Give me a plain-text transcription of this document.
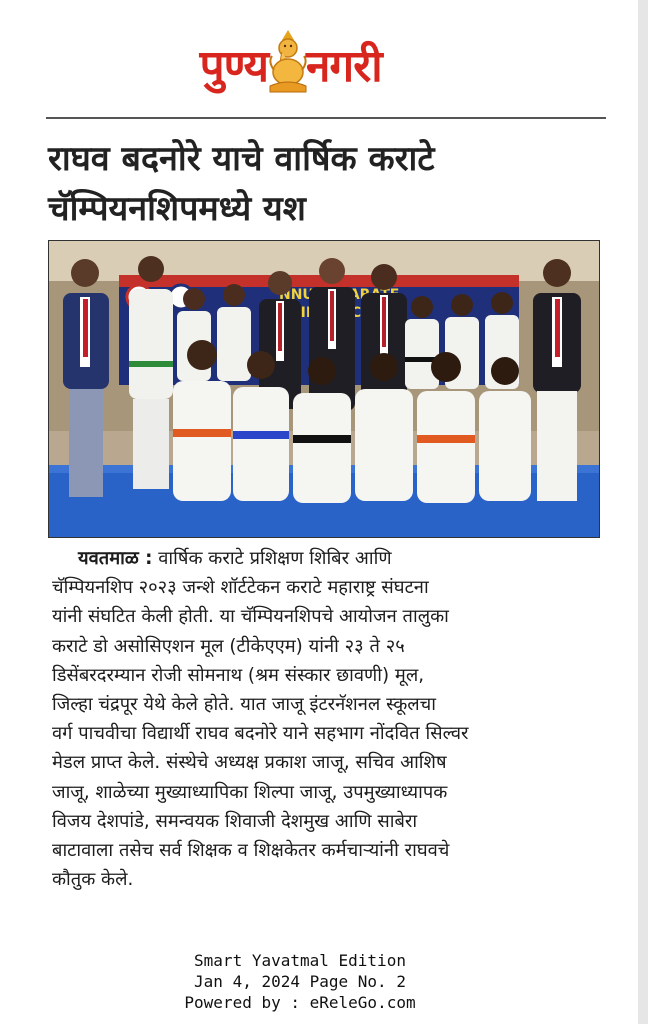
पुण्य नगरी
राघव बदनोरे याचे वार्षिक कराटे
चॅम्पियनशिपमध्ये यश
NNUAL
यवतमाळ : वार्षिक कराटे प्रशिक्षण शिबिर आणि
चॅम्पियनशिप २०२३ जन्शे शॉर्टटेकन कराटे महाराष्ट्र संघटना
यांनी संघटित केली होती. या चॅम्पियनशिपचे आयोजन तालुका
कराटे डो असोसिएशन मूल (टीकेएएम) यांनी २३ ते २५
डिसेंबरदरम्यान रोजी सोमनाथ (श्रम संस्कार छावणी) मूल,
जिल्हा चंद्रपूर येथे केले होते. यात जाजू इंटरनॅशनल स्कूलचा
वर्ग पाचवीचा विद्यार्थी राघव बदनोरे याने सहभाग नोंदवित सिल्वर
मेडल प्राप्त केले. संस्थेचे अध्यक्ष प्रकाश जाजू, सचिव आशिष
जाजू, शाळेच्या मुख्याध्यापिका शिल्पा जाजू, उपमुख्याध्यापक
विजय देशपांडे, समन्वयक शिवाजी देशमुख आणि साबेरा
बाटावाला तसेच सर्व शिक्षक व शिक्षकेतर कर्मचाऱ्यांनी राघवचे
कौतुक केले.
Smart Yavatmal Edition
Jan 4, 2024 Page No. 2
Powered by : eReleGo.com
